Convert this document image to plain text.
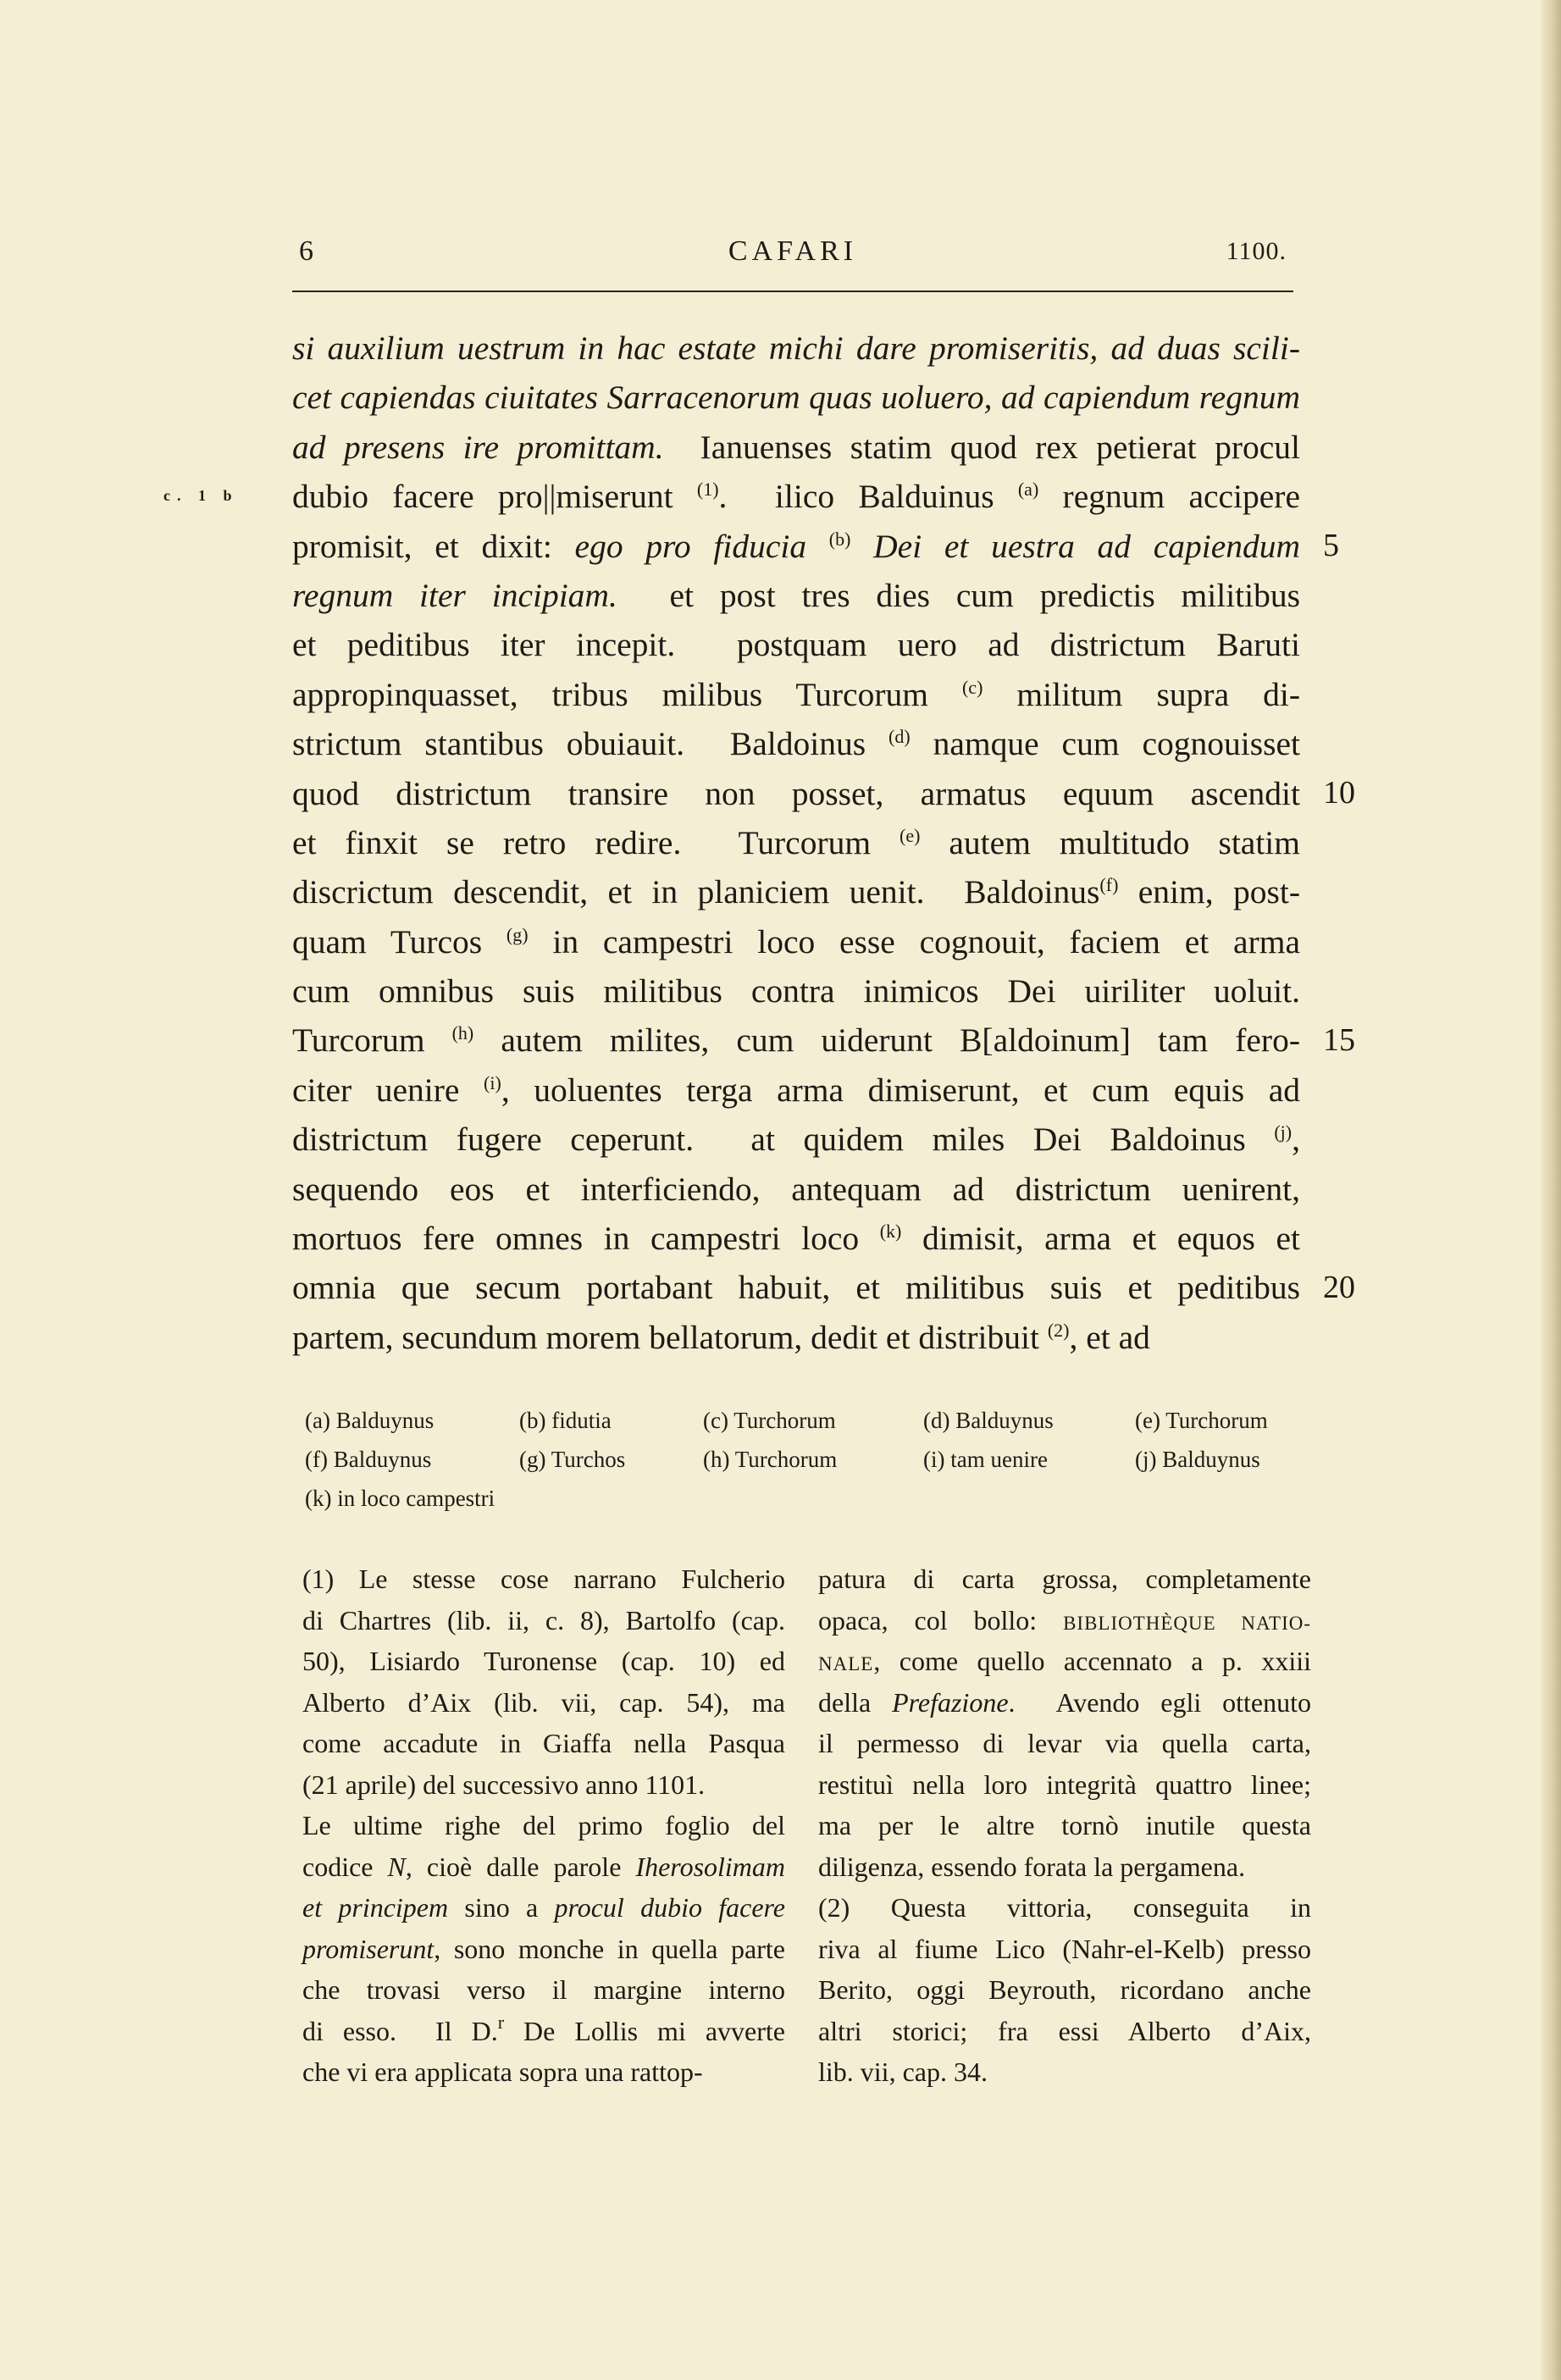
6	CAFARI	1100.
c. 1 b
si auxilium uestrum in hac estate michi dare promiseritis, ad duas scili-
cet capiendas ciuitates Sarracenorum quas uoluero, ad capiendum regnum
ad presens ire promittam.  Ianuenses statim quod rex petierat procul
dubio facere pro||miserunt $^{(1)}$.  ilico Balduinus $^{(a)}$ regnum accipere
promisit, et dixit: ego pro fiducia $^{(b)}$ Dei et uestra ad capiendum
regnum iter incipiam.  et post tres dies cum predictis militibus
et peditibus iter incepit.  postquam uero ad districtum Baruti
appropinquasset, tribus milibus Turcorum $^{(c)}$ militum supra di-
strictum stantibus obuiauit.  Baldoinus $^{(d)}$ namque cum cognouisset
quod districtum transire non posset, armatus equum ascendit
et finxit se retro redire.  Turcorum $^{(e)}$ autem multitudo statim
discrictum descendit, et in planiciem uenit.  Baldoinus$^{(f)}$ enim, post-
quam Turcos $^{(g)}$ in campestri loco esse cognouit, faciem et arma
cum omnibus suis militibus contra inimicos Dei uiriliter uoluit.
Turcorum $^{(h)}$ autem milites, cum uiderunt B[aldoinum] tam fero-
citer uenire $^{(i)}$, uoluentes terga arma dimiserunt, et cum equis ad
districtum fugere ceperunt.  at quidem miles Dei Baldoinus $^{(j)}$,
sequendo eos et interficiendo, antequam ad districtum uenirent,
mortuos fere omnes in campestri loco $^{(k)}$ dimisit, arma et equos et
omnia que secum portabant habuit, et militibus suis et peditibus
partem, secundum morem bellatorum, dedit et distribuit $^{(2)}$, et ad
5
10
15
20
(a) Balduynus	(b) fidutia	(c) Turchorum	(d) Balduynus	(e) Turchorum
(f) Balduynus	(g) Turchos	(h) Turchorum	(i) tam uenire	(j) Balduynus
(k) in loco campestri
(1) Le stesse cose narrano Fulcherio
di Chartres (lib. ii, c. 8), Bartolfo (cap.
50), Lisiardo Turonense (cap. 10) ed
Alberto d’Aix (lib. vii, cap. 54), ma
come accadute in Giaffa nella Pasqua
(21 aprile) del successivo anno 1101.
Le ultime righe del primo foglio del
codice N, cioè dalle parole Iherosolimam
et principem sino a procul dubio facere
promiserunt, sono monche in quella parte
che trovasi verso il margine interno
di esso.  Il D.$^r$ De Lollis mi avverte
che vi era applicata sopra una rattop-
patura di carta grossa, completamente
opaca, col bollo: BIBLIOTHÈQUE NATIO-
NALE, come quello accennato a p. xxiii
della Prefazione.  Avendo egli ottenuto
il permesso di levar via quella carta,
restituì nella loro integrità quattro linee;
ma per le altre tornò inutile questa
diligenza, essendo forata la pergamena.
(2) Questa vittoria, conseguita in
riva al fiume Lico (Nahr-el-Kelb) presso
Berito, oggi Beyrouth, ricordano anche
altri storici; fra essi Alberto d’Aix,
lib. vii, cap. 34.
